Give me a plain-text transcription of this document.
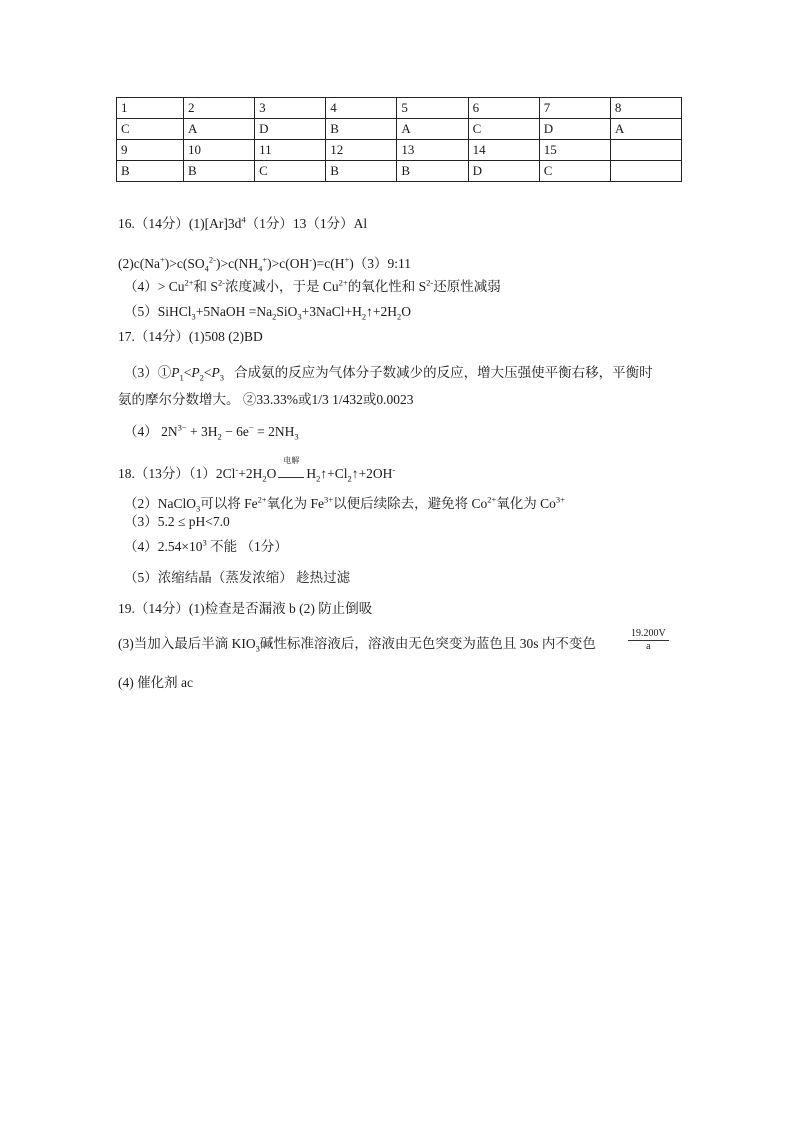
1	2	3	4	5	6	7	8
C	A	D	B	A	C	D	A
9	10	11	12	13	14	15	
B	B	C	B	B	D	C	
16.（14分）$(1)[Ar]3d^4(1$分）13（1分）Al
$(2)c(Na^+)>c(SO_4^{2-})>c(NH_4^+)>c(OH^-)=c(H^+)(3)9:11$
$(4)> Cu^{2+}$和 $S^{2-}$浓度减小，于是 $Cu^{2+}$的氧化性和 $S^{2-}$还原性减弱
（5）SiHCl$_3$+5NaOH $=Na_2SiO_3+3NaCl+H_2↑+2H_2O$
17.（14分）(1)508 (2)BD
$(3)①P_1<P_2<P_3$ 合成氨的反应为气体分子数减少的反应，增大压强使平衡右移，平衡时
氨的摩尔分数增大。 ②33.33%或1/3 1/432或0.0023
（4） $2N^{3-} + 3H_2 - 6e^- = 2NH_3$
18.（13分）$(1)2Cl^-+2H_2O$
电解
$H_2↑+Cl_2↑+2OH^-$
（2）NaClO$_3$可以将 $Fe^{2+}$氧化为 $Fe^{3+}$以便后续除去，避免将 $Co^{2+}$氧化为 $Co^{3+}$
（3）5.2 ≤ pH<7.0
$(4)2.54\times 10^3$ 不能 （1分）
（5）浓缩结晶（蒸发浓缩） 趁热过滤
19.（14分）(1)检查是否漏液 b (2) 防止倒吸
(3)当加入最后半滴 $KIO_3$碱性标准溶液后，溶液由无色突变为蓝色且 30s 内不变色	$\frac{19.200V}{a}$
(4) 催化剂 ac
